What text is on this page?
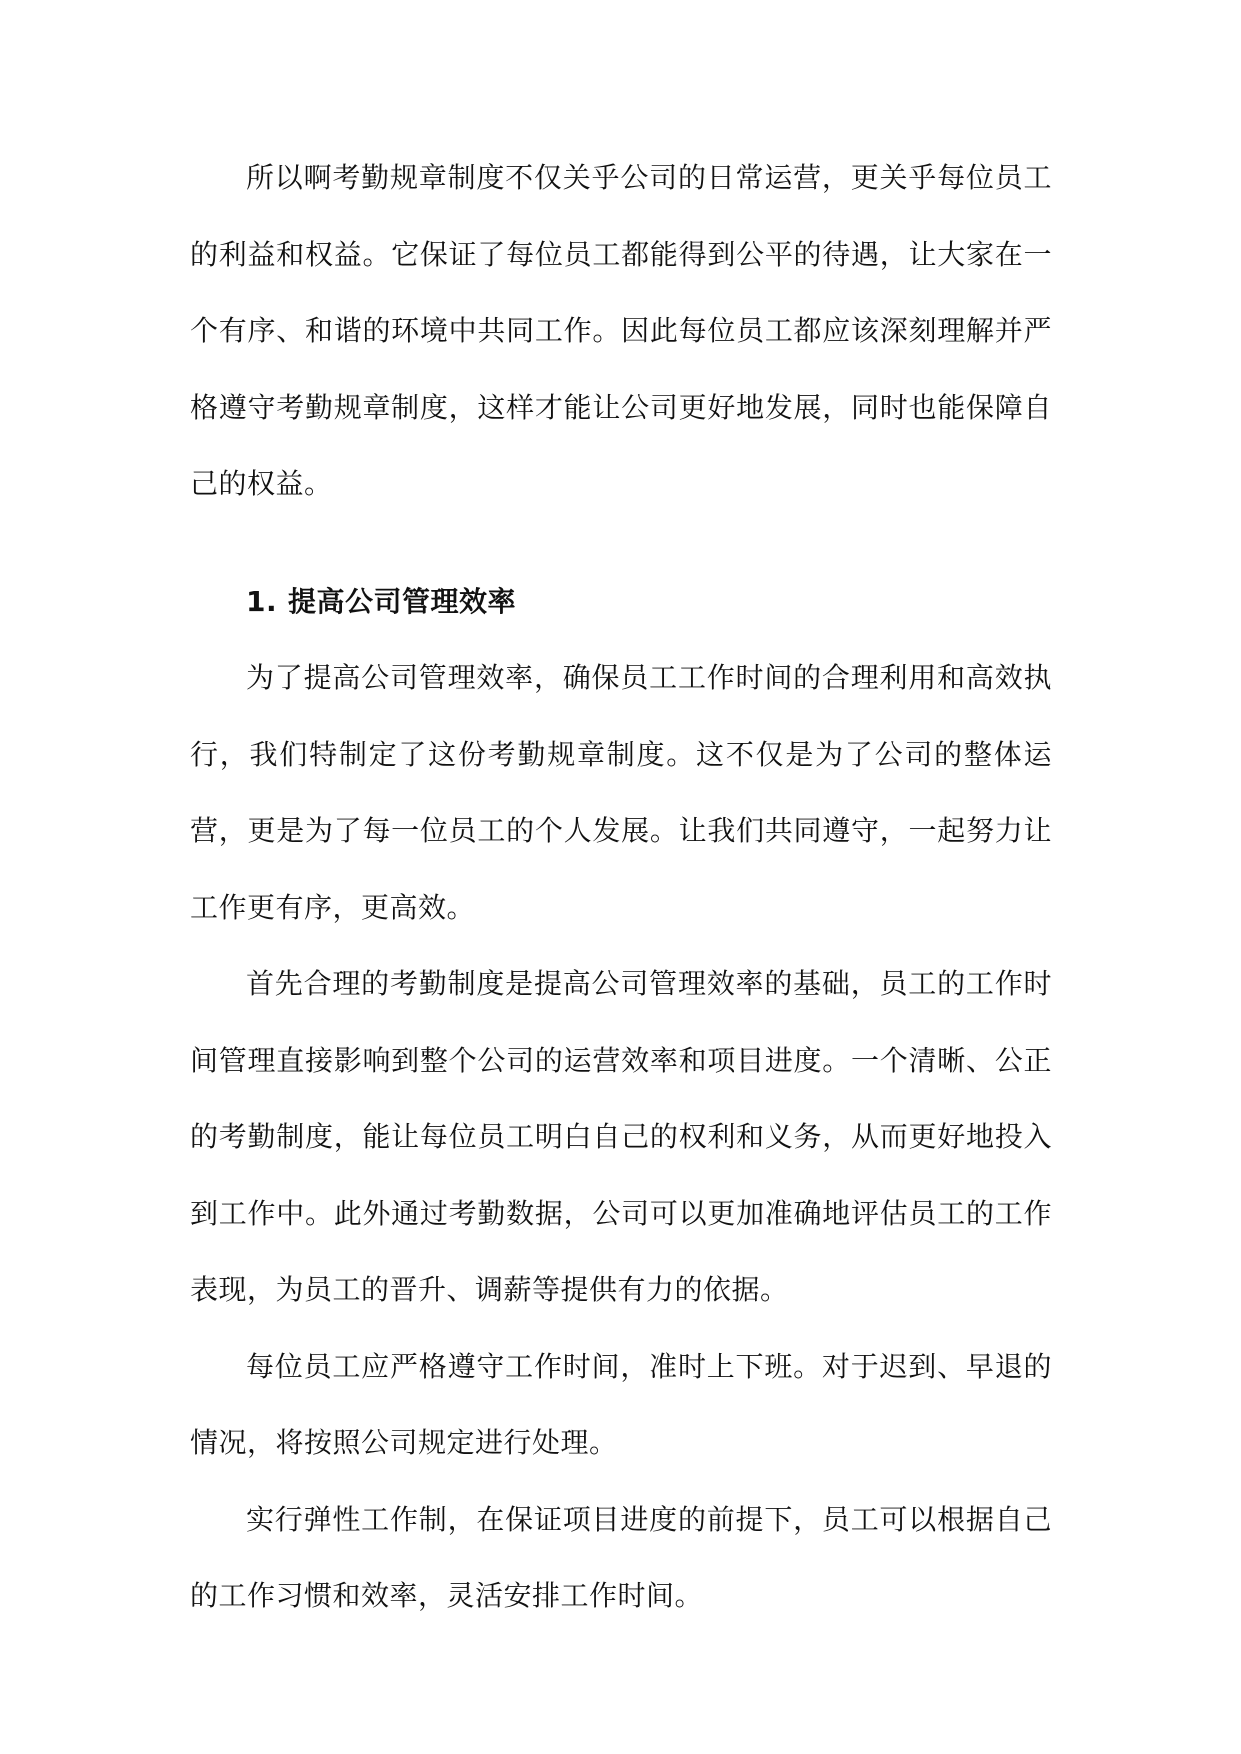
所以啊考勤规章制度不仅关乎公司的日常运营，更关乎每位员工的利益和权益。它保证了每位员工都能得到公平的待遇，让大家在一个有序、和谐的环境中共同工作。因此每位员工都应该深刻理解并严格遵守考勤规章制度，这样才能让公司更好地发展，同时也能保障自己的权益。

1. 提高公司管理效率

为了提高公司管理效率，确保员工工作时间的合理利用和高效执行，我们特制定了这份考勤规章制度。这不仅是为了公司的整体运营，更是为了每一位员工的个人发展。让我们共同遵守，一起努力让工作更有序，更高效。

首先合理的考勤制度是提高公司管理效率的基础，员工的工作时间管理直接影响到整个公司的运营效率和项目进度。一个清晰、公正的考勤制度，能让每位员工明白自己的权利和义务，从而更好地投入到工作中。此外通过考勤数据，公司可以更加准确地评估员工的工作表现，为员工的晋升、调薪等提供有力的依据。

每位员工应严格遵守工作时间，准时上下班。对于迟到、早退的情况，将按照公司规定进行处理。

实行弹性工作制，在保证项目进度的前提下，员工可以根据自己的工作习惯和效率，灵活安排工作时间。
